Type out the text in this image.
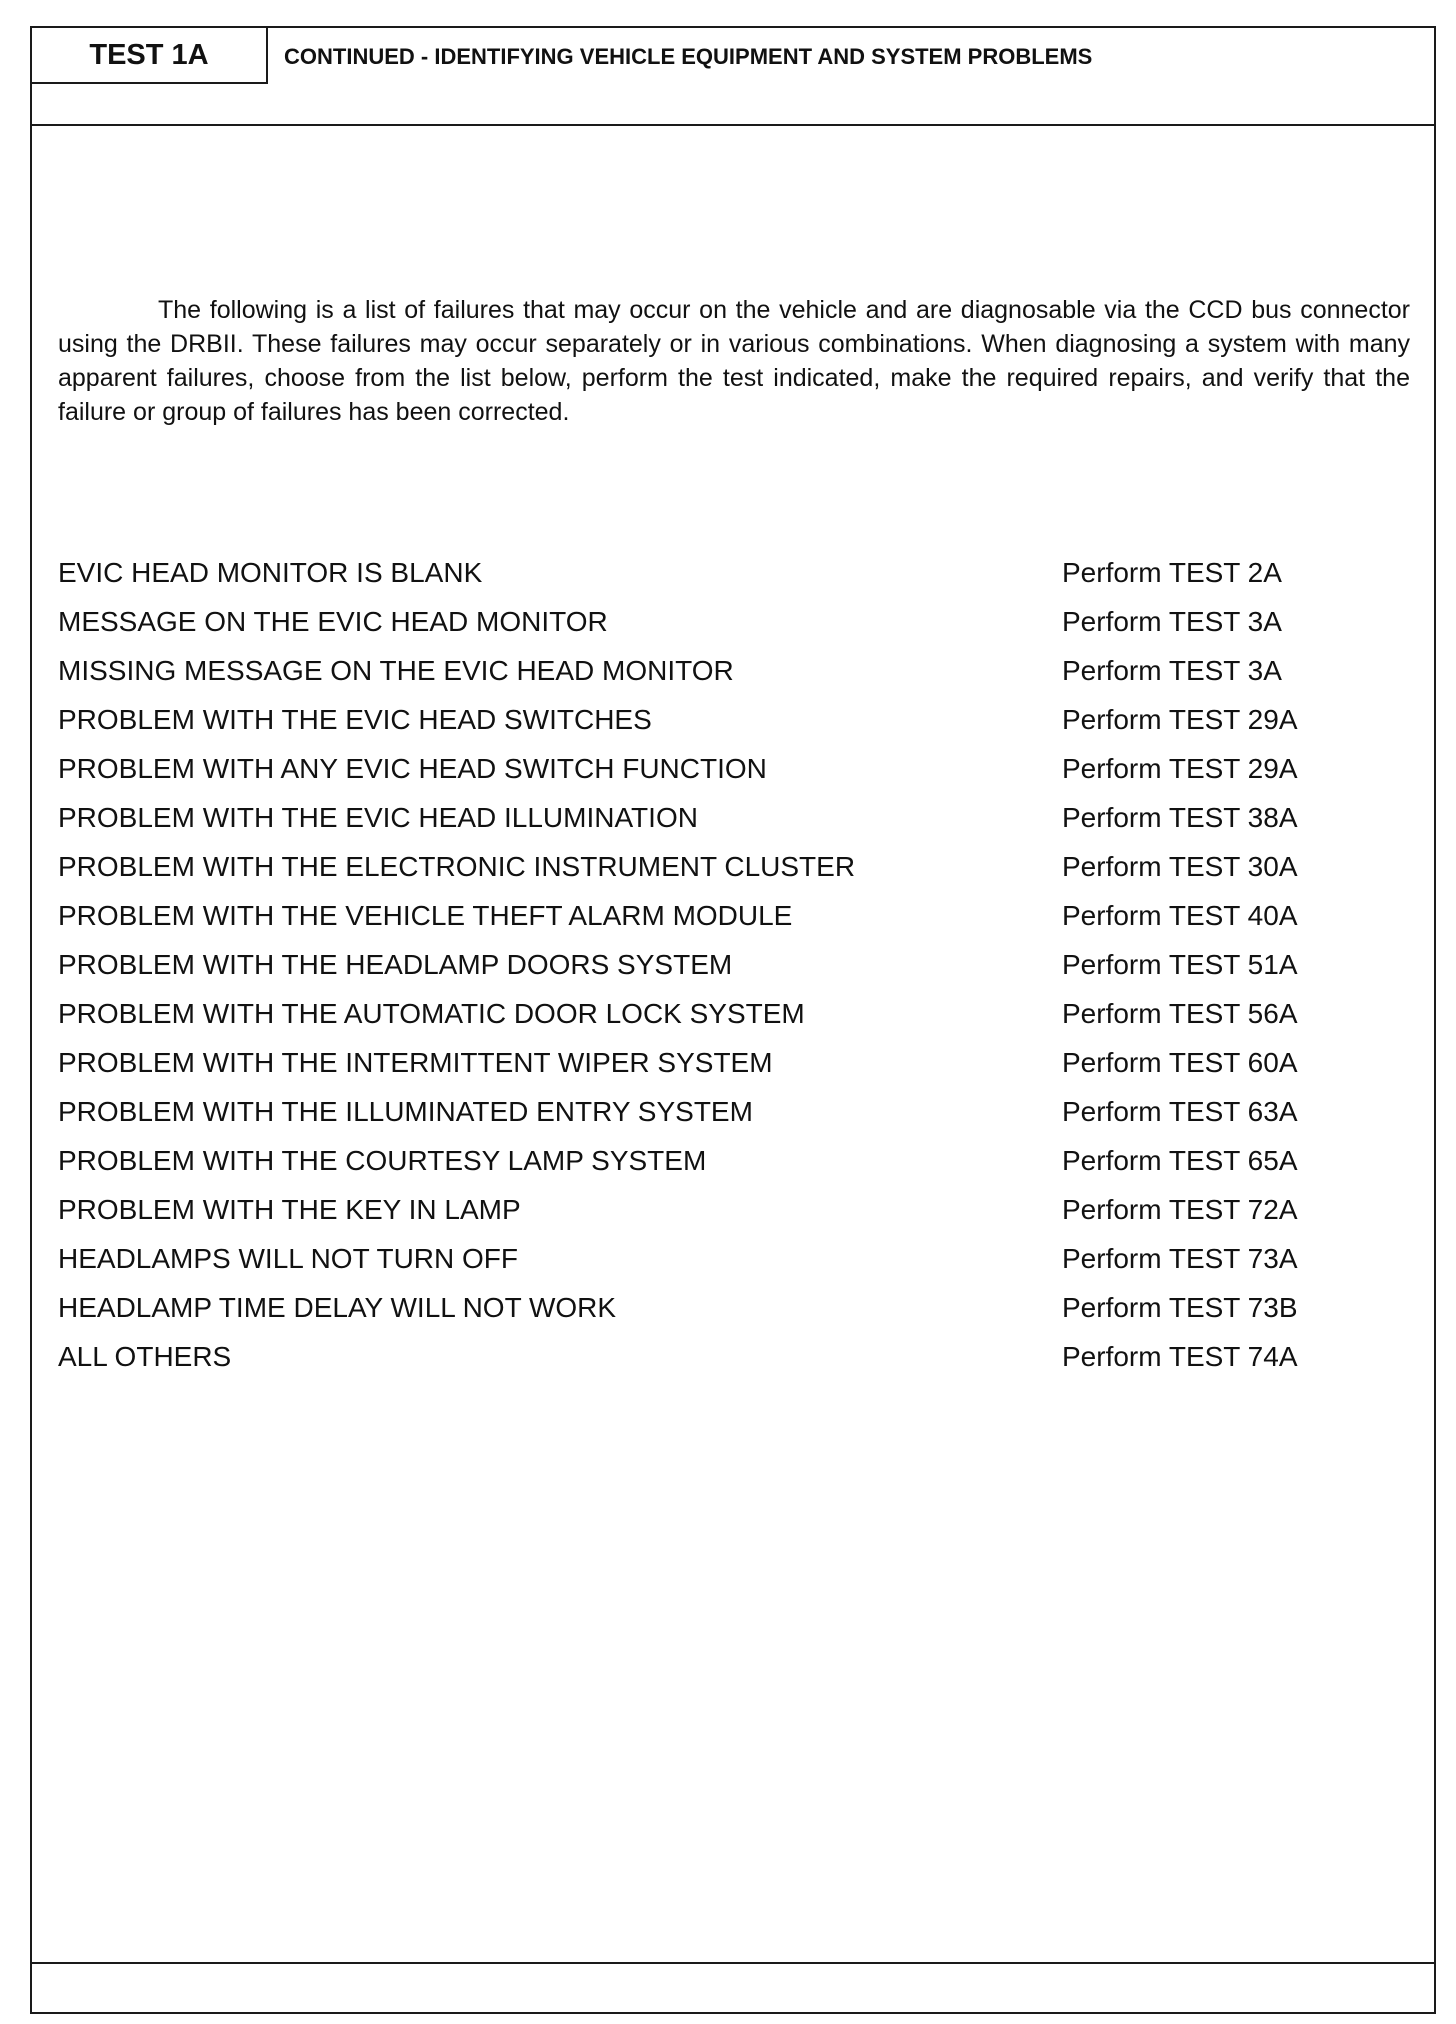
TEST 1A	CONTINUED - IDENTIFYING VEHICLE EQUIPMENT AND SYSTEM PROBLEMS

The following is a list of failures that may occur on the vehicle and are diagnosable via the CCD bus connector using the DRBII. These failures may occur separately or in various combinations. When diagnosing a system with many apparent failures, choose from the list below, perform the test indicated, make the required repairs, and verify that the failure or group of failures has been corrected.

EVIC HEAD MONITOR IS BLANK	Perform TEST 2A
MESSAGE ON THE EVIC HEAD MONITOR	Perform TEST 3A
MISSING MESSAGE ON THE EVIC HEAD MONITOR	Perform TEST 3A
PROBLEM WITH THE EVIC HEAD SWITCHES	Perform TEST 29A
PROBLEM WITH ANY EVIC HEAD SWITCH FUNCTION	Perform TEST 29A
PROBLEM WITH THE EVIC HEAD ILLUMINATION	Perform TEST 38A
PROBLEM WITH THE ELECTRONIC INSTRUMENT CLUSTER	Perform TEST 30A
PROBLEM WITH THE VEHICLE THEFT ALARM MODULE	Perform TEST 40A
PROBLEM WITH THE HEADLAMP DOORS SYSTEM	Perform TEST 51A
PROBLEM WITH THE AUTOMATIC DOOR LOCK SYSTEM	Perform TEST 56A
PROBLEM WITH THE INTERMITTENT WIPER SYSTEM	Perform TEST 60A
PROBLEM WITH THE ILLUMINATED ENTRY SYSTEM	Perform TEST 63A
PROBLEM WITH THE COURTESY LAMP SYSTEM	Perform TEST 65A
PROBLEM WITH THE KEY IN LAMP	Perform TEST 72A
HEADLAMPS WILL NOT TURN OFF	Perform TEST 73A
HEADLAMP TIME DELAY WILL NOT WORK	Perform TEST 73B
ALL OTHERS	Perform TEST 74A
